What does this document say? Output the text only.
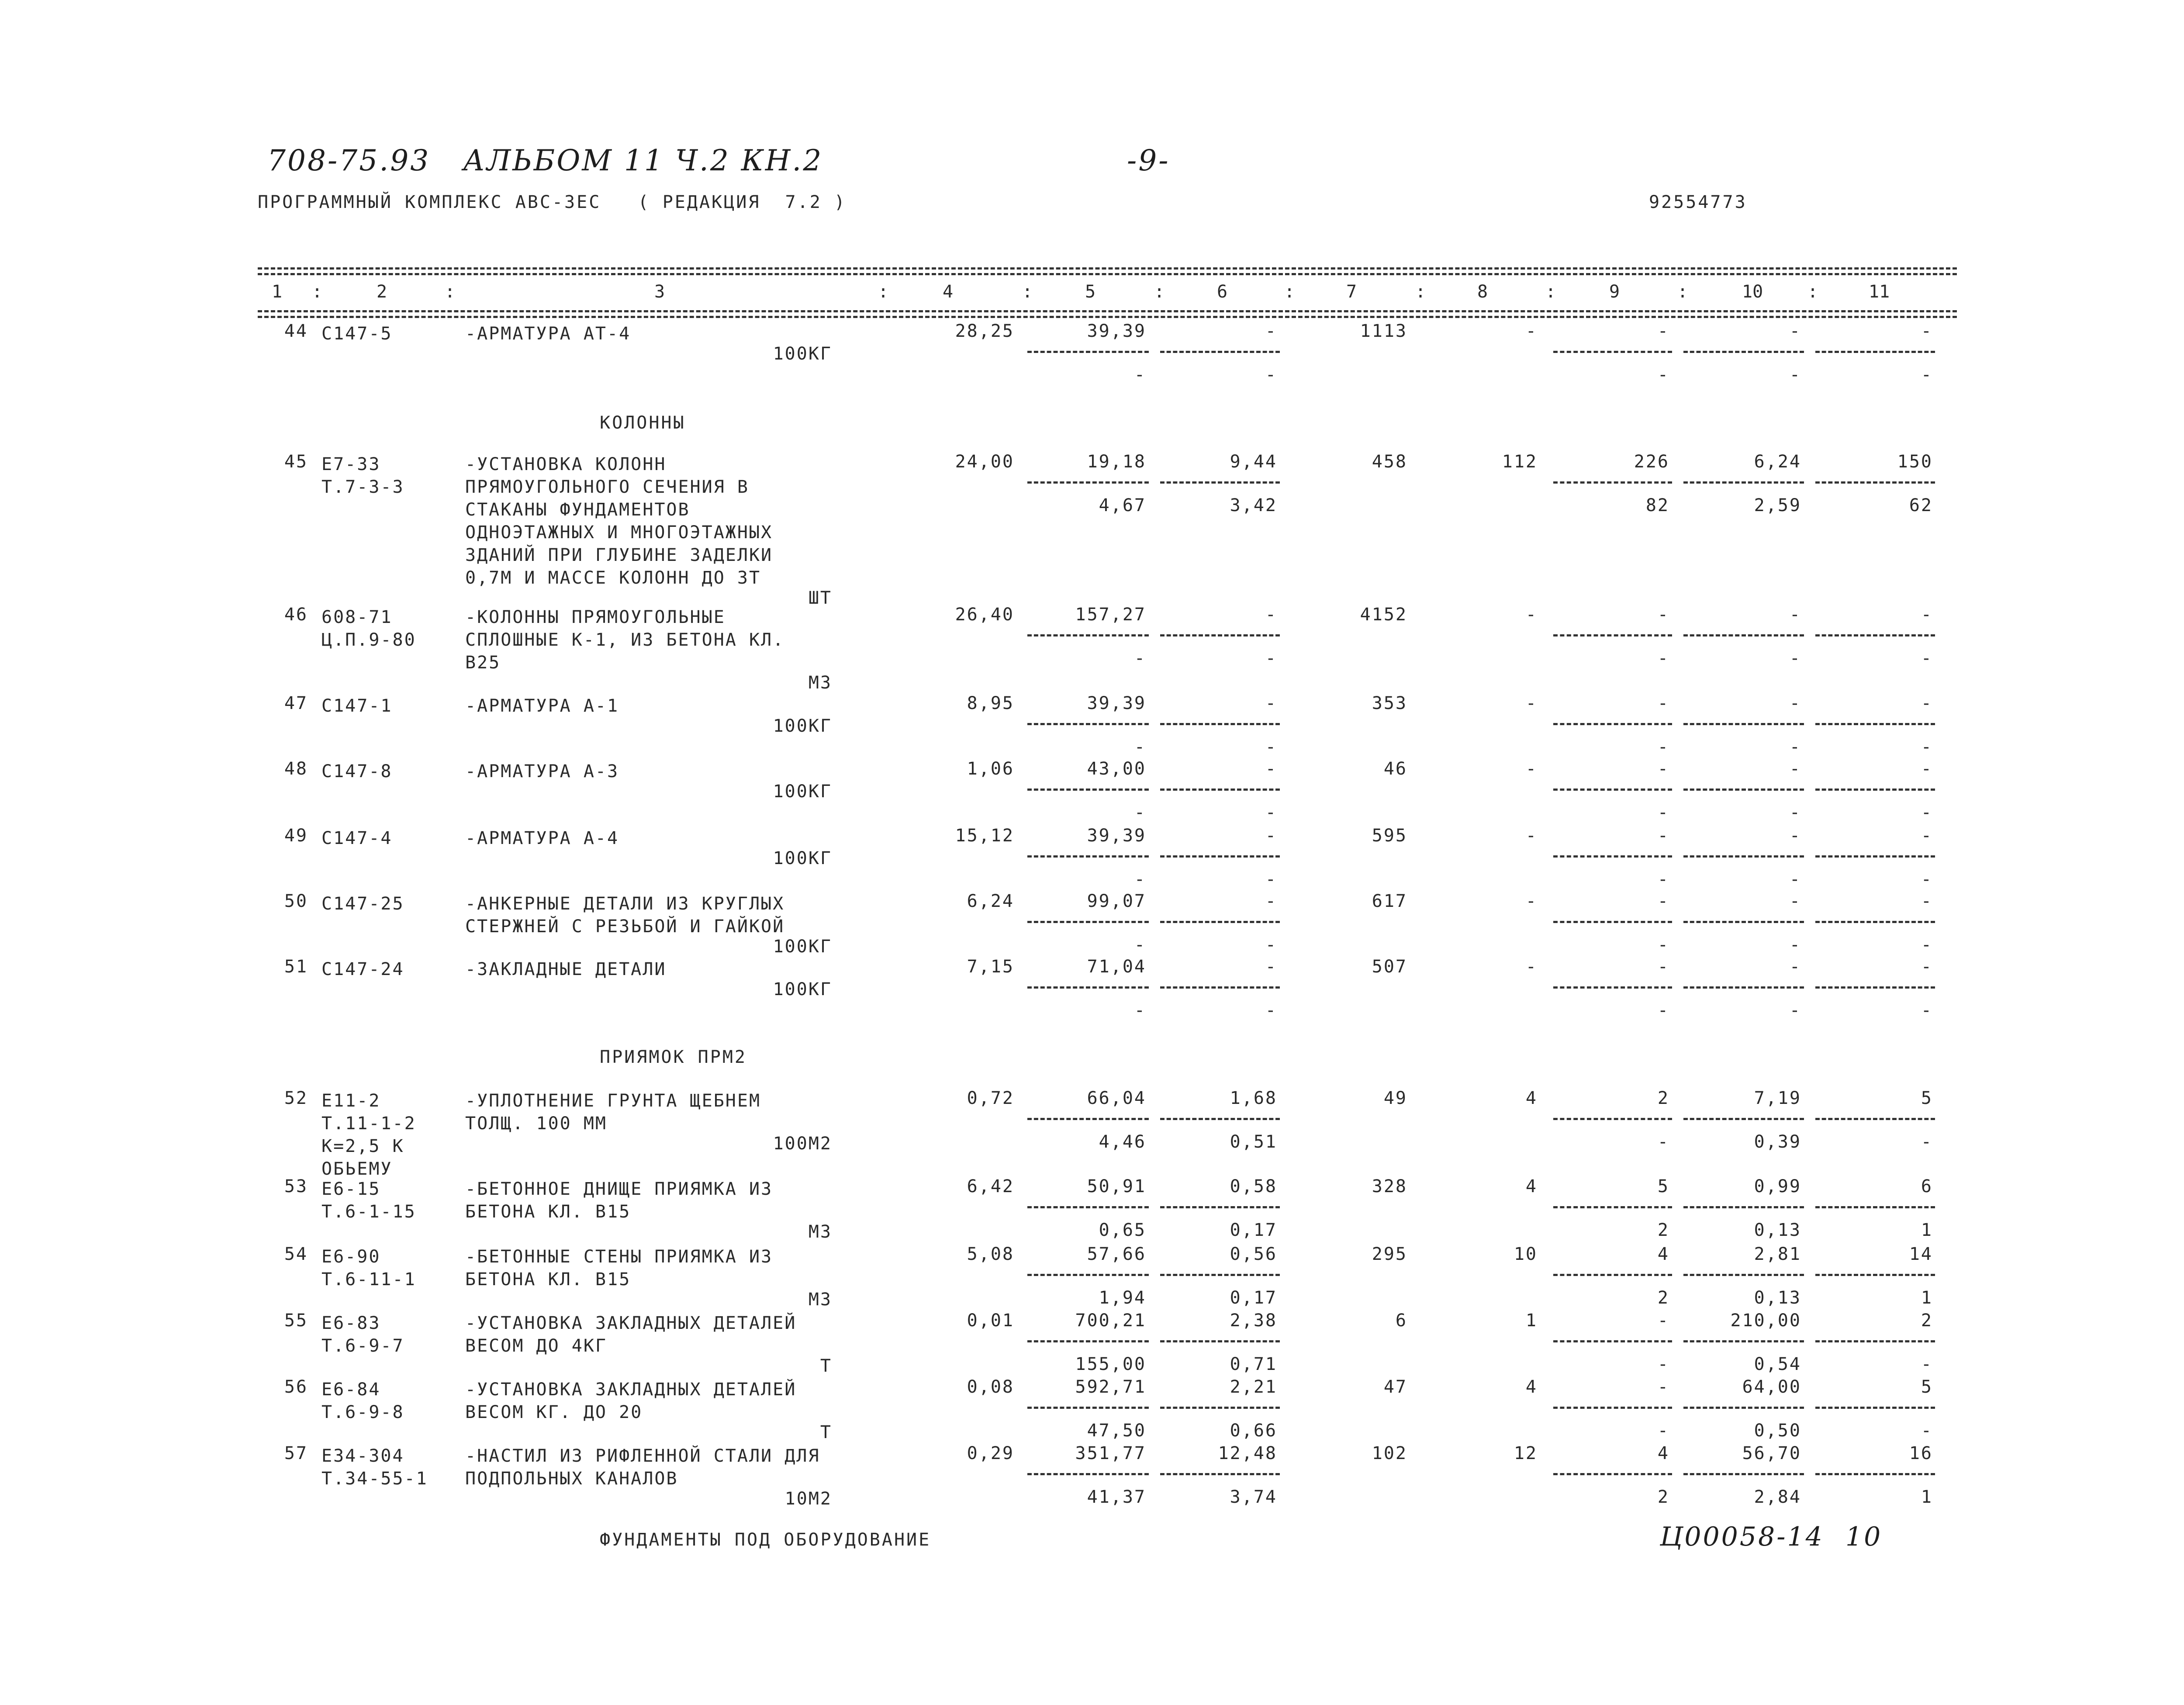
708-75.93   АЛЬБОМ 11 Ч.2 КН.2	-9-
ПРОГРАММНЫЙ КОМПЛЕКС АВС-3ЕС   ( РЕДАКЦИЯ  7.2 )	92554773
1 :	2	:	3	:	4	:	5	:	6	:	7	:	8	:	9	:	10	:	11
КОЛОННЫ
ПРИЯМОК ПРМ2
ФУНДАМЕНТЫ ПОД ОБОРУДОВАНИЕ
44 С147-5	-АРМАТУРА АТ-4
100КГ
28,25	39,39	-	1113	-	-	-	-
-	-	-	-	-
45 Е7-33
Т.7-3-3
-УСТАНОВКА КОЛОНН
ПРЯМОУГОЛЬНОГО СЕЧЕНИЯ В
СТАКАНЫ ФУНДАМЕНТОВ
ОДНОЭТАЖНЫХ И МНОГОЭТАЖНЫХ
ЗДАНИЙ ПРИ ГЛУБИНЕ ЗАДЕЛКИ
0,7М И МАССЕ КОЛОНН ДО 3Т
ШТ
24,00	19,18	9,44	458	112	226	6,24	150
4,67	3,42	82	2,59	62
46 608-71
Ц.П.9-80
-КОЛОННЫ ПРЯМОУГОЛЬНЫЕ
СПЛОШНЫЕ К-1, ИЗ БЕТОНА КЛ.
В25
М3
26,40	157,27	-	4152	-	-	-	-
-	-	-	-	-
47 С147-1	-АРМАТУРА А-1
100КГ
8,95	39,39	-	353	-	-	-	-
-	-	-	-	-
48 С147-8	-АРМАТУРА А-3
100КГ
1,06	43,00	-	46	-	-	-	-
-	-	-	-	-
49 С147-4	-АРМАТУРА А-4
100КГ
15,12	39,39	-	595	-	-	-	-
-	-	-	-	-
50 С147-25	-АНКЕРНЫЕ ДЕТАЛИ ИЗ КРУГЛЫХ
СТЕРЖНЕЙ С РЕЗЬБОЙ И ГАЙКОЙ
100КГ
6,24	99,07	-	617	-	-	-	-
-	-	-	-	-
51 С147-24	-ЗАКЛАДНЫЕ ДЕТАЛИ
100КГ
7,15	71,04	-	507	-	-	-	-
-	-	-	-	-
52 Е11-2
Т.11-1-2
К=2,5 К
ОБЬЕМУ
-УПЛОТНЕНИЕ ГРУНТА ЩЕБНЕМ
ТОЛЩ. 100 ММ
100М2
0,72	66,04	1,68	49	4	2	7,19	5
4,46	0,51	-	0,39	-
53 Е6-15
Т.6-1-15
-БЕТОННОЕ ДНИЩЕ ПРИЯМКА ИЗ
БЕТОНА КЛ. В15
М3
6,42	50,91	0,58	328	4	5	0,99	6
0,65	0,17	2	0,13	1
54 Е6-90
Т.6-11-1
-БЕТОННЫЕ СТЕНЫ ПРИЯМКА ИЗ
БЕТОНА КЛ. В15
М3
5,08	57,66	0,56	295	10	4	2,81	14
1,94	0,17	2	0,13	1
55 Е6-83
Т.6-9-7
-УСТАНОВКА ЗАКЛАДНЫХ ДЕТАЛЕЙ
ВЕСОМ ДО 4КГ
Т
0,01	700,21	2,38	6	1	-	210,00	2
155,00	0,71	-	0,54	-
56 Е6-84
Т.6-9-8
-УСТАНОВКА ЗАКЛАДНЫХ ДЕТАЛЕЙ
ВЕСОМ КГ. ДО 20
Т
0,08	592,71	2,21	47	4	-	64,00	5
47,50	0,66	-	0,50	-
57 Е34-304
Т.34-55-1
-НАСТИЛ ИЗ РИФЛЕННОЙ СТАЛИ ДЛЯ
ПОДПОЛЬНЫХ КАНАЛОВ
10М2
0,29	351,77	12,48	102	12	4	56,70	16
41,37	3,74	2	2,84	1
Ц00058-14 10
